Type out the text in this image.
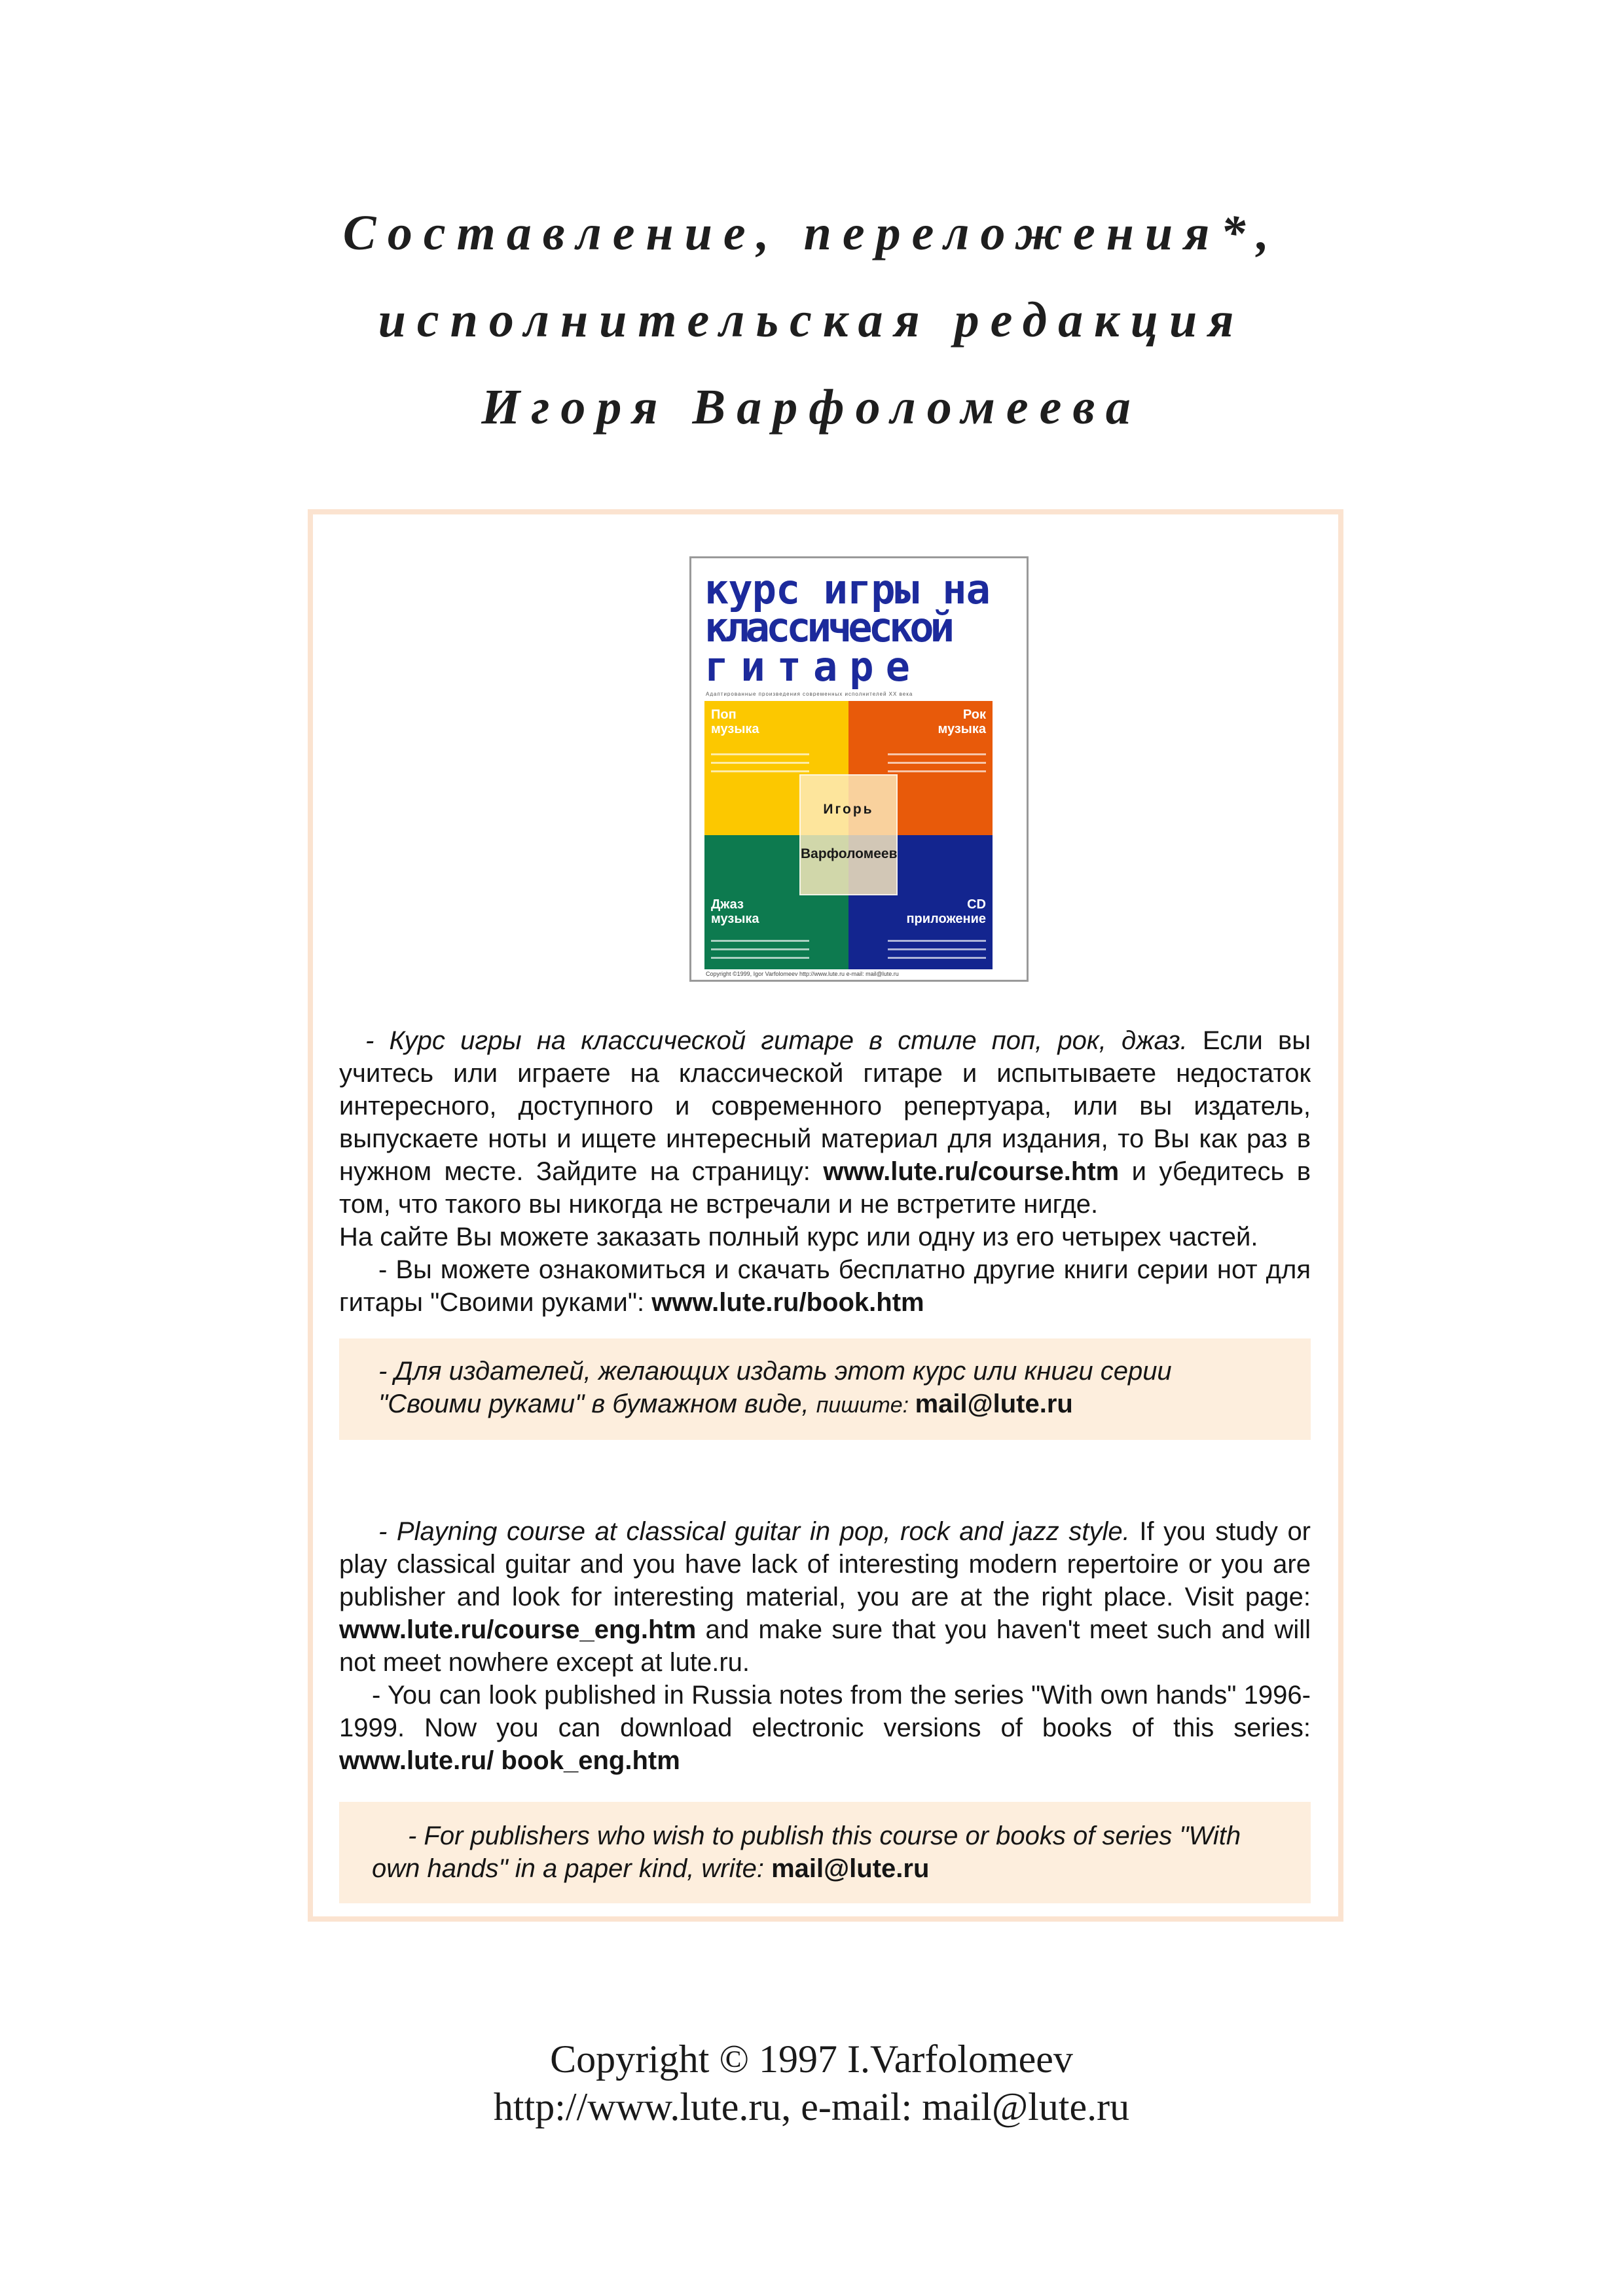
Составление, переложения*,
исполнительская редакция
Игоря Варфоломеева
курс игры на
классической
гитаре
Адаптированные произведения современных исполнителей XX века
Поп
музыка
Рок
музыка
Джаз
музыка
CD
приложение
Игорь
Варфоломеев
Copyright ©1999, Igor Varfolomeev http://www.lute.ru e-mail: mail@lute.ru

- Курс игры на классической гитаре в стиле поп, рок, джаз. Если вы учитесь или играете на классической гитаре и испытываете недостаток интересного, доступного и современного репертуара, или вы издатель, выпускаете ноты и ищете интересный материал для издания, то Вы как раз в нужном месте. Зайдите на страницу: www.lute.ru/course.htm и убедитесь в том, что такого вы никогда не встречали и не встретите нигде.

На сайте Вы можете заказать полный курс или одну из его четырех частей.

- Вы можете ознакомиться и скачать бесплатно другие книги серии нот для гитары "Своими руками": www.lute.ru/book.htm

- Для издателей, желающих издать этот курс или книги серии "Своими руками" в бумажном виде, пишите: mail@lute.ru

- Playning course at classical guitar in pop, rock and jazz style. If you study or play classical guitar and you have lack of interesting modern repertoire or you are publisher and look for interesting material, you are at the right place. Visit page: www.lute.ru/course_eng.htm and make sure that you haven't meet such and will not meet nowhere except at lute.ru.

- You can look published in Russia notes from the series "With own hands" 1996-1999. Now you can download electronic versions of books of this series: www.lute.ru/ book_eng.htm

- For publishers who wish to publish this course or books of series "With own hands" in a paper kind, write: mail@lute.ru
Copyright © 1997 I.Varfolomeev
http://www.lute.ru, e-mail: mail@lute.ru
